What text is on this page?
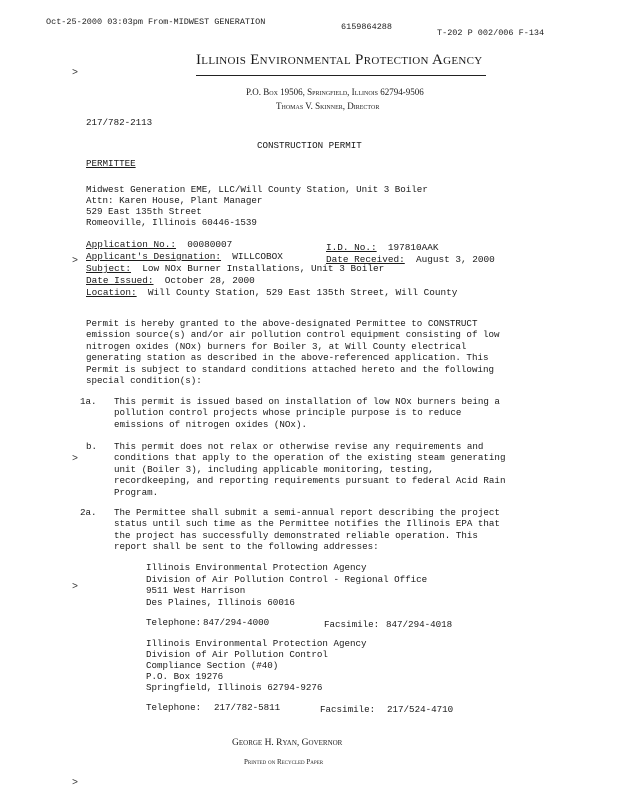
Oct-25-2000 03:03pm From-MIDWEST GENERATION	6159864288
T-202 P 002/006 F-134
Illinois Environmental Protection Agency
P.O. Box 19506, Springfield, Illinois 62794-9506
Thomas V. Skinner, Director
217/782-2113
CONSTRUCTION PERMIT
>
>
>
>
>
PERMITTEE
Midwest Generation EME, LLC/Will County Station, Unit 3 Boiler
Attn: Karen House, Plant Manager
529 East 135th Street
Romeoville, Illinois 60446-1539
Application No.: 00080007	I.D. No.: 197810AAK
Applicant's Designation: WILLCOBOX	Date Received: August 3, 2000
Subject: Low NOx Burner Installations, Unit 3 Boiler
Date Issued: October 28, 2000
Location: Will County Station, 529 East 135th Street, Will County
Permit is hereby granted to the above-designated Permittee to CONSTRUCT emission source(s) and/or air pollution control equipment consisting of low nitrogen oxides (NOx) burners for Boiler 3, at Will County electrical generating station as described in the above-referenced application. This Permit is subject to standard conditions attached hereto and the following special condition(s):
1a. This permit is issued based on installation of low NOx burners being a pollution control projects whose principle purpose is to reduce emissions of nitrogen oxides (NOx).
b. This permit does not relax or otherwise revise any requirements and conditions that apply to the operation of the existing steam generating unit (Boiler 3), including applicable monitoring, testing, recordkeeping, and reporting requirements pursuant to federal Acid Rain Program.
2a. The Permittee shall submit a semi-annual report describing the project status until such time as the Permittee notifies the Illinois EPA that the project has successfully demonstrated reliable operation. This report shall be sent to the following addresses:
Illinois Environmental Protection Agency
Division of Air Pollution Control - Regional Office
9511 West Harrison
Des Plaines, Illinois 60016
Telephone: 847/294-4000	Facsimile: 847/294-4018
Illinois Environmental Protection Agency
Division of Air Pollution Control
Compliance Section (#40)
P.O. Box 19276
Springfield, Illinois 62794-9276
Telephone: 217/782-5811	Facsimile: 217/524-4710
George H. Ryan, Governor
Printed on Recycled Paper
